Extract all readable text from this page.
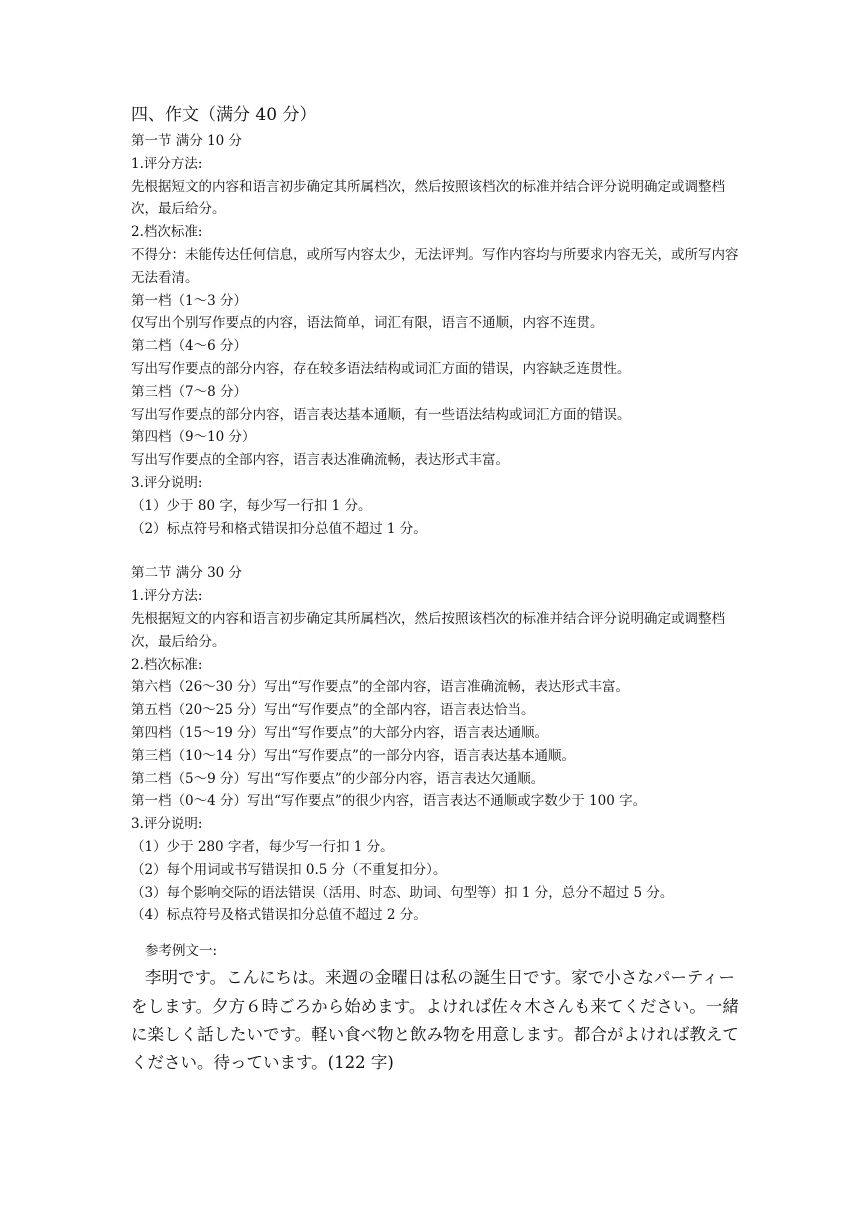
四、作文（满分 40 分）

第一节 满分 10 分

1.评分方法:

先根据短文的内容和语言初步确定其所属档次，然后按照该档次的标准并结合评分说明确定或调整档次，最后给分。

2.档次标准:

不得分：未能传达任何信息，或所写内容太少，无法评判。写作内容均与所要求内容无关，或所写内容无法看清。

第一档（1～3 分）

仅写出个别写作要点的内容，语法简单，词汇有限，语言不通顺，内容不连贯。

第二档（4～6 分）

写出写作要点的部分内容，存在较多语法结构或词汇方面的错误，内容缺乏连贯性。

第三档（7～8 分）

写出写作要点的部分内容，语言表达基本通顺，有一些语法结构或词汇方面的错误。

第四档（9～10 分）

写出写作要点的全部内容，语言表达准确流畅，表达形式丰富。

3.评分说明:

（1）少于 80 字，每少写一行扣 1 分。

（2）标点符号和格式错误扣分总值不超过 1 分。

第二节 满分 30 分

1.评分方法:

先根据短文的内容和语言初步确定其所属档次，然后按照该档次的标准并结合评分说明确定或调整档次，最后给分。

2.档次标准:

第六档（26～30 分）写出“写作要点”的全部内容，语言准确流畅，表达形式丰富。

第五档（20～25 分）写出“写作要点”的全部内容，语言表达恰当。

第四档（15～19 分）写出“写作要点”的大部分内容，语言表达通顺。

第三档（10～14 分）写出“写作要点”的一部分内容，语言表达基本通顺。

第二档（5～9 分）写出“写作要点”的少部分内容，语言表达欠通顺。

第一档（0～4 分）写出“写作要点”的很少内容，语言表达不通顺或字数少于 100 字。

3.评分说明:

（1）少于 280 字者，每少写一行扣 1 分。

（2）每个用词或书写错误扣 0.5 分（不重复扣分）。

（3）每个影响交际的语法错误（活用、时态、助词、句型等）扣 1 分，总分不超过 5 分。

（4）标点符号及格式错误扣分总值不超过 2 分。

参考例文一:
李明です。こんにちは。来週の金曜日は私の誕生日です。家で小さなパーティーをします。夕方６時ごろから始めます。よければ佐々木さんも来てください。一緒に楽しく話したいです。軽い食べ物と飲み物を用意します。都合がよければ教えてください。待っています。(122 字)
